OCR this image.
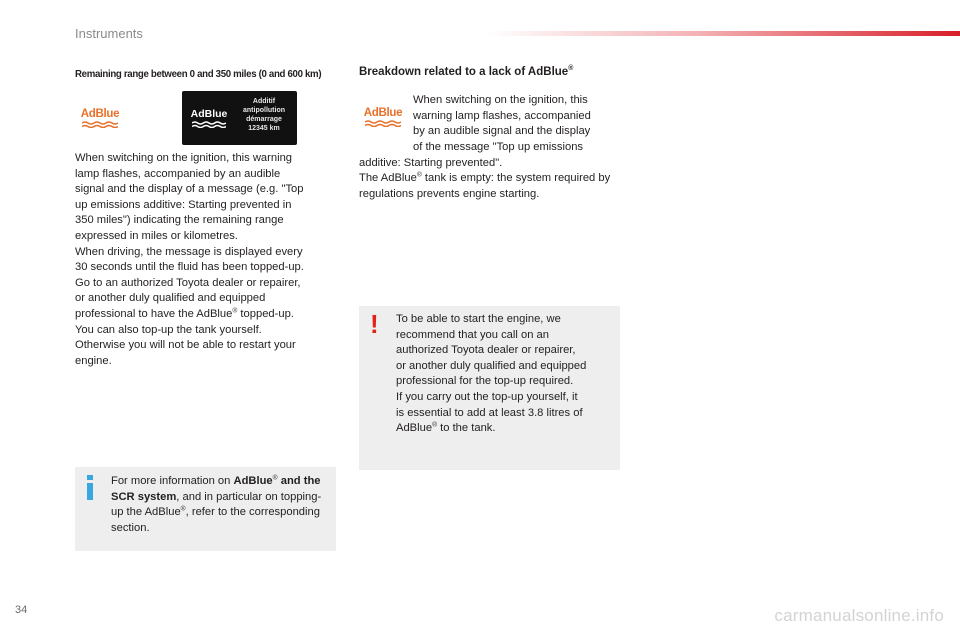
Instruments
Remaining range between 0 and 350 miles (0 and 600 km)
AdBlue	AdBlue
Additif
antipollution
démarrage
12345 km
When switching on the ignition, this warning
lamp flashes, accompanied by an audible
signal and the display of a message (e.g. "Top
up emissions additive: Starting prevented in
350 miles") indicating the remaining range
expressed in miles or kilometres.
When driving, the message is displayed every
30 seconds until the fluid has been topped-up.
Go to an authorized Toyota dealer or repairer,
or another duly qualified and equipped
professional to have the AdBlue® topped-up.
You can also top-up the tank yourself.
Otherwise you will not be able to restart your
engine.
For more information on AdBlue® and the SCR system, and in particular on topping-up the AdBlue®, refer to the corresponding section.
Breakdown related to a lack of AdBlue®
AdBlue
When switching on the ignition, this
warning lamp flashes, accompanied
by an audible signal and the display
of the message "Top up emissions
additive: Starting prevented".
The AdBlue® tank is empty: the system required by regulations prevents engine starting.
! To be able to start the engine, we
recommend that you call on an
authorized Toyota dealer or repairer,
or another duly qualified and equipped
professional for the top-up required.
If you carry out the top-up yourself, it
is essential to add at least 3.8 litres of
AdBlue® to the tank.
34	carmanualsonline.info
